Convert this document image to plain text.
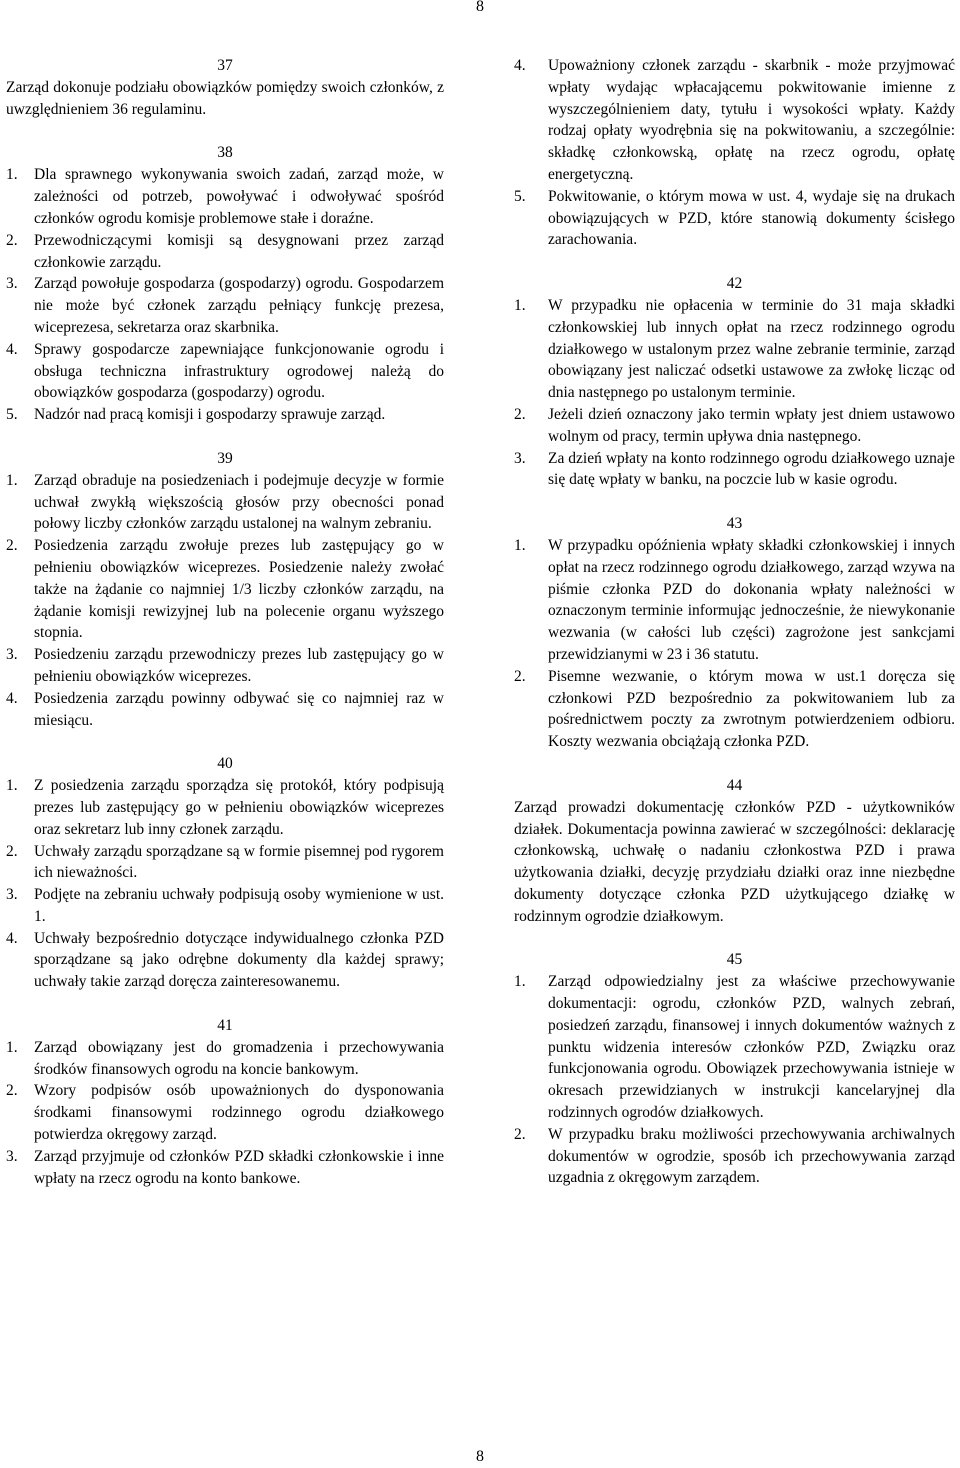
8
37
Zarząd dokonuje podziału obowiązków pomiędzy swoich członków, z uwzględnieniem 36 regulaminu.
38
1.	Dla sprawnego wykonywania swoich zadań, zarząd może, w zależności od potrzeb, powoływać i odwoływać spośród członków ogrodu komisje problemowe stałe i doraźne.
2.	Przewodniczącymi komisji są desygnowani przez zarząd członkowie zarządu.
3.	Zarząd powołuje gospodarza (gospodarzy) ogrodu. Gospodarzem nie może być członek zarządu pełniący funkcję prezesa, wiceprezesa, sekretarza oraz skarbnika.
4.	Sprawy gospodarcze zapewniające funkcjonowanie ogrodu i obsługa techniczna infrastruktury ogrodowej należą do obowiązków gospodarza (gospodarzy) ogrodu.
5.	Nadzór nad pracą komisji i gospodarzy sprawuje zarząd.
39
1.	Zarząd obraduje na posiedzeniach i podejmuje decyzje w formie uchwał zwykłą większością głosów przy obecności ponad połowy liczby członków zarządu ustalonej na walnym zebraniu.
2.	Posiedzenia zarządu zwołuje prezes lub zastępujący go w pełnieniu obowiązków wiceprezes. Posiedzenie należy zwołać także na żądanie co najmniej 1/3 liczby członków zarządu, na żądanie komisji rewizyjnej lub na polecenie organu wyższego stopnia.
3.	Posiedzeniu zarządu przewodniczy prezes lub zastępujący go w pełnieniu obowiązków wiceprezes.
4.	Posiedzenia zarządu powinny odbywać się co najmniej raz w miesiącu.
40
1.	Z posiedzenia zarządu sporządza się protokół, który podpisują prezes lub zastępujący go w pełnieniu obowiązków wiceprezes oraz sekretarz lub inny członek zarządu.
2.	Uchwały zarządu sporządzane są w formie pisemnej pod rygorem ich nieważności.
3.	Podjęte na zebraniu uchwały podpisują osoby wymienione w ust. 1.
4.	Uchwały bezpośrednio dotyczące indywidualnego członka PZD sporządzane są jako odrębne dokumenty dla każdej sprawy; uchwały takie zarząd doręcza zainteresowanemu.
41
1.	Zarząd obowiązany jest do gromadzenia i przechowywania środków finansowych ogrodu na koncie bankowym.
2.	Wzory podpisów osób upoważnionych do dysponowania środkami finansowymi rodzinnego ogrodu działkowego potwierdza okręgowy zarząd.
3.	Zarząd przyjmuje od członków PZD składki członkowskie i inne wpłaty na rzecz ogrodu na konto bankowe.
4.	Upoważniony członek zarządu - skarbnik - może przyjmować wpłaty wydając wpłacającemu pokwitowanie imienne z wyszczególnieniem daty, tytułu i wysokości wpłaty. Każdy rodzaj opłaty wyodrębnia się na pokwitowaniu, a szczególnie: składkę członkowską, opłatę na rzecz ogrodu, opłatę energetyczną.
5.	Pokwitowanie, o którym mowa w ust. 4, wydaje się na drukach obowiązujących w PZD, które stanowią dokumenty ścisłego zarachowania.
42
1.	W przypadku nie opłacenia w terminie do 31 maja składki członkowskiej lub innych opłat na rzecz rodzinnego ogrodu działkowego w ustalonym przez walne zebranie terminie, zarząd obowiązany jest naliczać odsetki ustawowe za zwłokę licząc od dnia następnego po ustalonym terminie.
2.	Jeżeli dzień oznaczony jako termin wpłaty jest dniem ustawowo wolnym od pracy, termin upływa dnia następnego.
3.	Za dzień wpłaty na konto rodzinnego ogrodu działkowego uznaje się datę wpłaty w banku, na poczcie lub w kasie ogrodu.
43
1.	W przypadku opóźnienia wpłaty składki członkowskiej i innych opłat na rzecz rodzinnego ogrodu działkowego, zarząd wzywa na piśmie członka PZD do dokonania wpłaty należności w oznaczonym terminie informując jednocześnie, że niewykonanie wezwania (w całości lub części) zagrożone jest sankcjami przewidzianymi w 23 i 36 statutu.
2.	Pisemne wezwanie, o którym mowa w ust.1 doręcza się członkowi PZD bezpośrednio za pokwitowaniem lub za pośrednictwem poczty za zwrotnym potwierdzeniem odbioru. Koszty wezwania obciążają członka PZD.
44
Zarząd prowadzi dokumentację członków PZD - użytkowników działek. Dokumentacja powinna zawierać w szczególności: deklarację członkowską, uchwałę o nadaniu członkostwa PZD i prawa użytkowania działki, decyzję przydziału działki oraz inne niezbędne dokumenty dotyczące członka PZD użytkującego działkę w rodzinnym ogrodzie działkowym.
45
1.	Zarząd odpowiedzialny jest za właściwe przechowywanie dokumentacji: ogrodu, członków PZD, walnych zebrań, posiedzeń zarządu, finansowej i innych dokumentów ważnych z punktu widzenia interesów członków PZD, Związku oraz funkcjonowania ogrodu. Obowiązek przechowywania istnieje w okresach przewidzianych w instrukcji kancelaryjnej dla rodzinnych ogrodów działkowych.
2.	W przypadku braku możliwości przechowywania archiwalnych dokumentów w ogrodzie, sposób ich przechowywania zarząd uzgadnia z okręgowym zarządem.
8
